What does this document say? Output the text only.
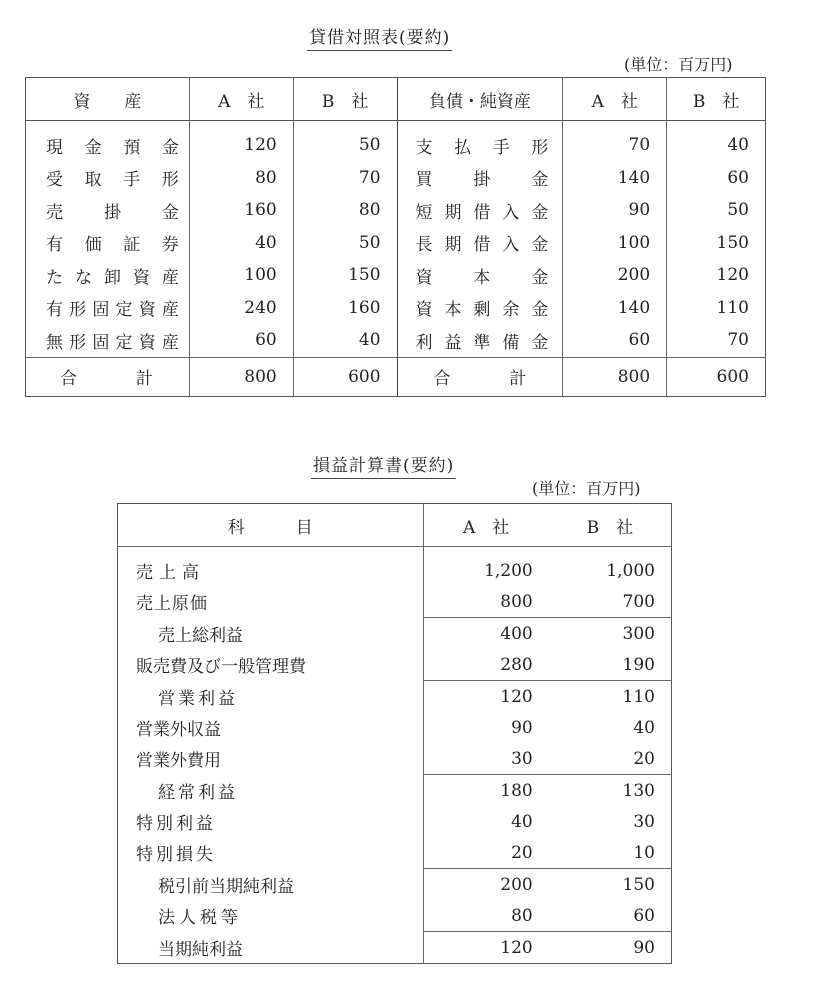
貸借対照表(要約)
(単位：百万円)
資　　産	A　社	B　社	負債・純資産	A　社	B　社
現金預金	120	50	支払手形	70	40
受取手形	80	70	買掛金	140	60
売掛金	160	80	短期借入金	90	50
有価証券	40	50	長期借入金	100	150
たな卸資産	100	150	資本金	200	120
有形固定資産	240	160	資本剰余金	140	110
無形固定資産	60	40	利益準備金	60	70
合計	800	600	合計	800	600
損益計算書(要約)
(単位：百万円)
科　　　目	A　社	B　社
売上高	1,200	1,000
売上原価	800	700
売上総利益	400	300
販売費及び一般管理費	280	190
営業利益	120	110
営業外収益	90	40
営業外費用	30	20
経常利益	180	130
特別利益	40	30
特別損失	20	10
税引前当期純利益	200	150
法人税等	80	60
当期純利益	120	90
